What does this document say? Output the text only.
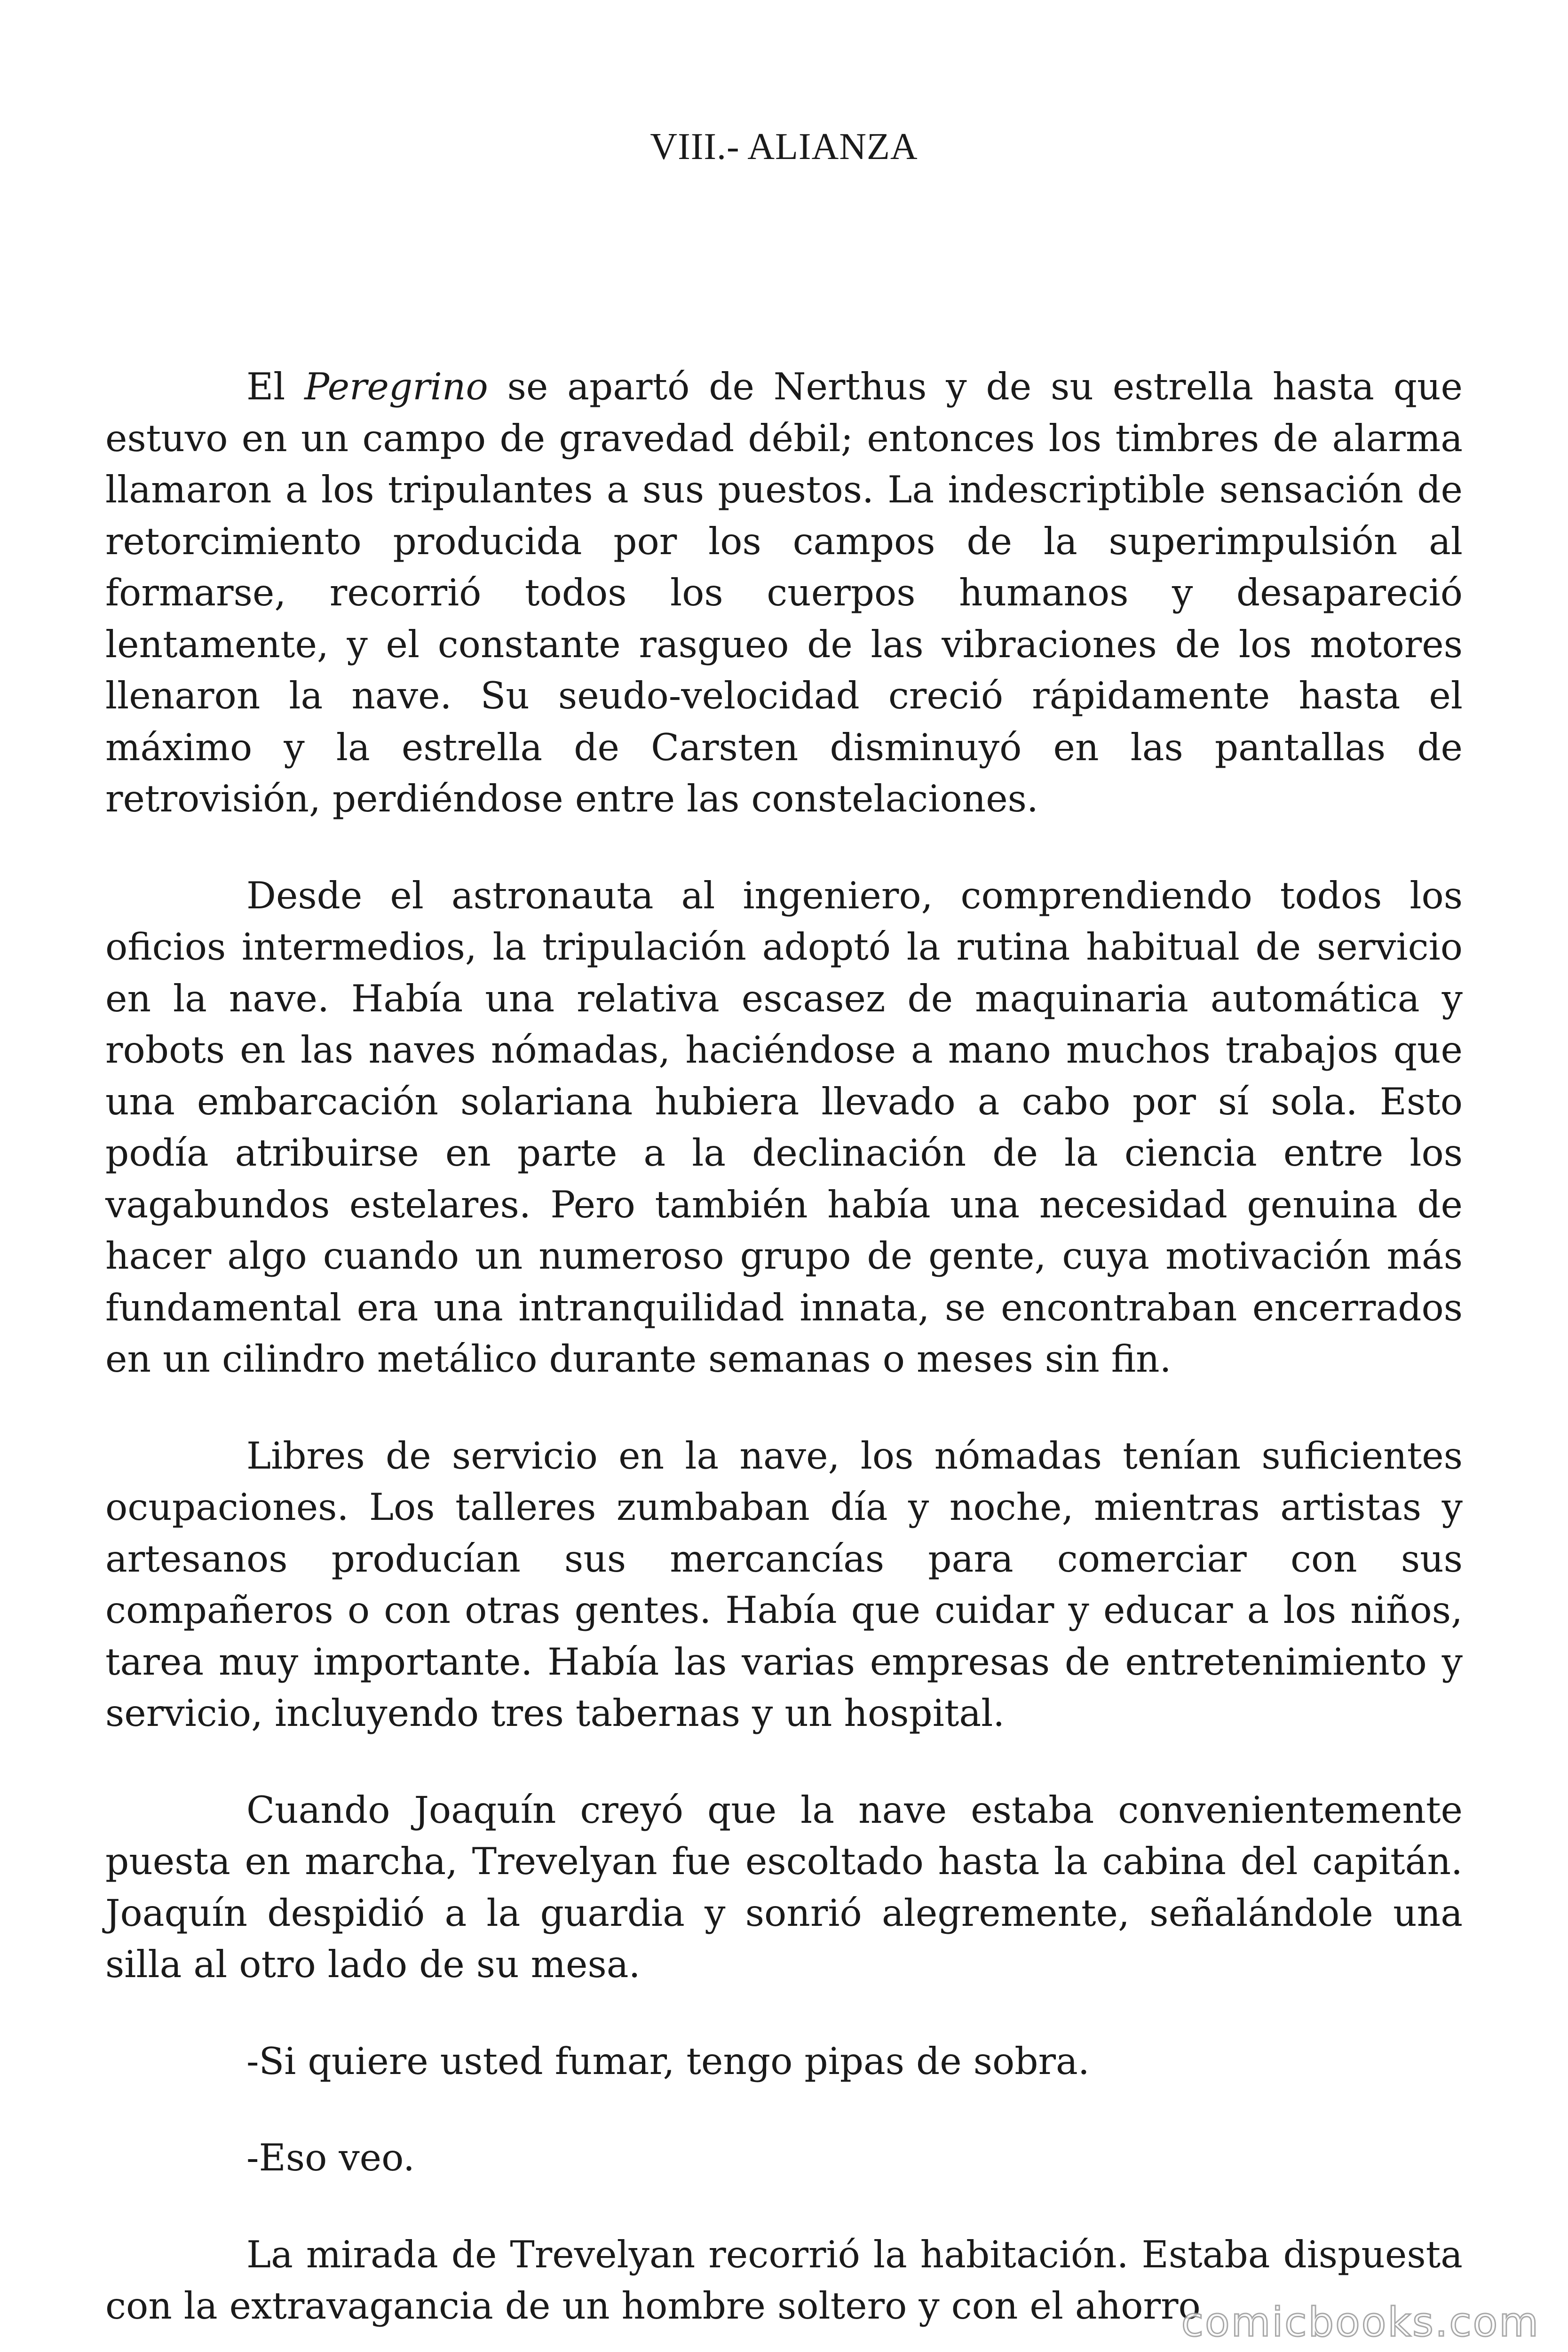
VIII.- ALIANZA

El Peregrino se apartó de Nerthus y de su estrella hasta que estuvo en un campo de gravedad débil; entonces los timbres de alarma llamaron a los tripulantes a sus puestos. La indescriptible sensación de retorcimiento producida por los campos de la superimpulsión al formarse, recorrió todos los cuerpos humanos y desapareció lentamente, y el constante rasgueo de las vibraciones de los motores llenaron la nave. Su seudo-velocidad creció rápidamente hasta el máximo y la estrella de Carsten disminuyó en las pantallas de retrovisión, perdiéndose entre las constelaciones.

Desde el astronauta al ingeniero, comprendiendo todos los oficios intermedios, la tripulación adoptó la rutina habitual de servicio en la nave. Había una relativa escasez de maquinaria automática y robots en las naves nómadas, haciéndose a mano muchos trabajos que una embarcación solariana hubiera llevado a cabo por sí sola. Esto podía atribuirse en parte a la declinación de la ciencia entre los vagabundos estelares. Pero también había una necesidad genuina de hacer algo cuando un numeroso grupo de gente, cuya motivación más fundamental era una intranquilidad innata, se encontraban encerrados en un cilindro metálico durante semanas o meses sin fin.

Libres de servicio en la nave, los nómadas tenían suficientes ocupaciones. Los talleres zumbaban día y noche, mientras artistas y artesanos producían sus mercancías para comerciar con sus compañeros o con otras gentes. Había que cuidar y educar a los niños, tarea muy importante. Había las varias empresas de entretenimiento y servicio, incluyendo tres tabernas y un hospital.

Cuando Joaquín creyó que la nave estaba convenientemente puesta en marcha, Trevelyan fue escoltado hasta la cabina del capitán. Joaquín despidió a la guardia y sonrió alegremente, señalándole una silla al otro lado de su mesa.

-Si quiere usted fumar, tengo pipas de sobra.

-Eso veo.

La mirada de Trevelyan recorrió la habitación. Estaba dispuesta con la extravagancia de un hombre soltero y con el ahorro

comicbooks.com
